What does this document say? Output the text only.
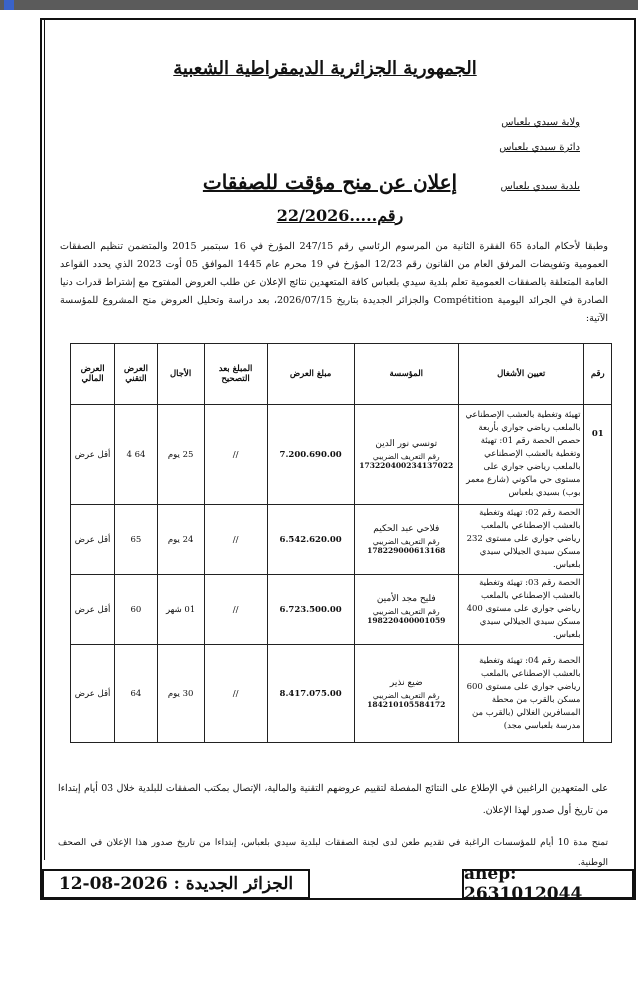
الجمهورية الجزائرية الديمقراطية الشعبية
ولاية سيدي بلعباس
دائرة سيدي بلعباس
بلدية سيدي بلعباس
إعلان عن منح مؤقت للصفقات
رقم.....22/2026
وطبقا لأحكام المادة 65 الفقرة الثانية من المرسوم الرئاسي رقم 247/15 المؤرخ في 16 سبتمبر 2015 والمتضمن تنظيم الصفقات العمومية وتفويضات المرفق العام من القانون رقم 12/23 المؤرخ في 19 محرم عام 1445 الموافق 05 أوت 2023 الذي يحدد القواعد العامة المتعلقة بالصفقات العمومية تعلم بلدية سيدي بلعباس كافة المتعهدين نتائج الإعلان عن طلب العروض المفتوح مع إشتراط قدرات دنيا الصادرة في الجرائد اليومية Compétition والجزائر الجديدة بتاريخ 2026/07/15، بعد دراسة وتحليل العروض منح المشروع للمؤسسة الآتية:
رقم	تعيين الأشغال	المؤسسة	مبلغ العرض	المبلغ بعد التصحيح	الأجال	العرض التقني	العرض المالي
01	تهيئة وتغطية بالعشب الإصطناعي بالملعب رياضي جواري بأربعة حصص الحصة رقم 01: تهيئة وتغطية بالعشب الإصطناعي بالملعب رياضي جواري على مستوى حي ماكوني (شارع معمر بوب) بسيدي بلعباس	تونسي نور الدين
رقم التعريف الضريبي
173220400234137022	7.200.690.00	//	25 يوم	64 4	أقل عرض
	الحصة رقم 02: تهيئة وتغطية بالعشب الإصطناعي بالملعب رياضي جواري على مستوى 232 مسكن سيدي الجيلالي سيدي بلعباس.	فلاحي عبد الحكيم
رقم التعريف الضريبي
178229000613168	6.542.620.00	//	24 يوم	65	أقل عرض
	الحصة رقم 03: تهيئة وتغطية بالعشب الإصطناعي بالملعب رياضي جواري على مستوى 400 مسكن سيدي الجيلالي سيدي بلعباس.	فليح مجد الأمين
رقم التعريف الضريبي
198220400001059	6.723.500.00	//	01 شهر	60	أقل عرض
	الحصة رقم 04: تهيئة وتغطية بالعشب الإصطناعي بالملعب رياضي جواري على مستوى 600 مسكن بالقرب من محطة المسافرين الغلالي (بالقرب من مدرسة بلعباسي مجد)	ضيع نذير
رقم التعريف الضريبي
184210105584172	8.417.075.00	//	30 يوم	64	أقل عرض
على المتعهدين الراغبين في الإطلاع على النتائج المفصلة لتقييم عروضهم التقنية والمالية، الإتصال بمكتب الصفقات للبلدية خلال 03 أيام إبتداءا من تاريخ أول صدور لهذا الإعلان.
تمنح مدة 10 أيام للمؤسسات الراغبة في تقديم طعن لدى لجنة الصفقات لبلدية سيدي بلعباس، إبتداءا من تاريخ صدور هذا الإعلان في الصحف الوطنية.
الجزائر الجديدة : 2026-08-12	anep: 2631012044
